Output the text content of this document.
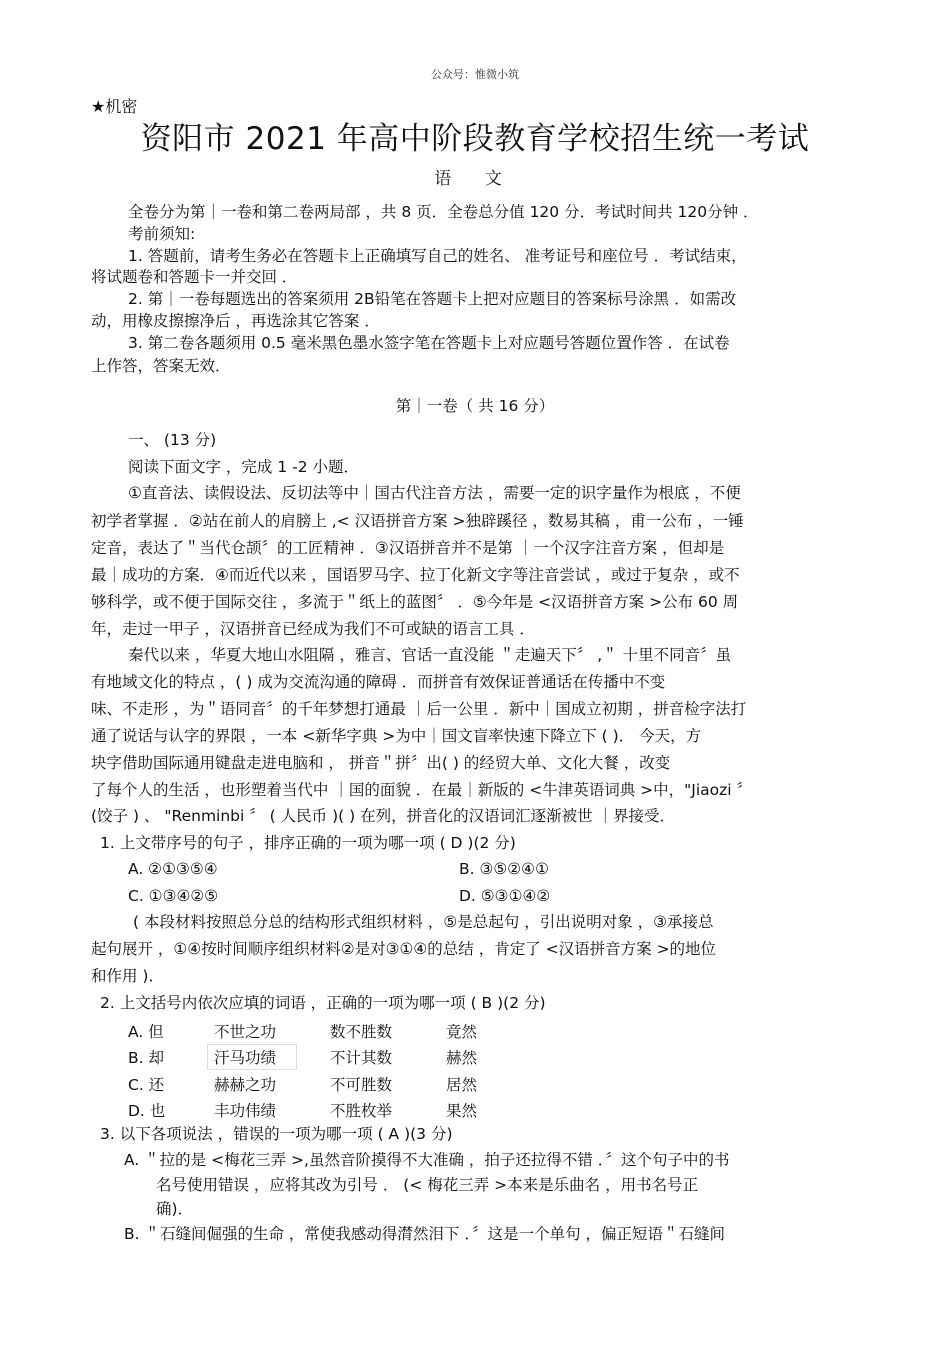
公众号：惟微小筑
★机密
资阳市 2021 年高中阶段教育学校招生统一考试
语 文
全卷分为第｜一卷和第二卷两局部 ，共 8 页．全卷总分值 120 分．考试时间共 120分钟 ．
考前须知:
1. 答题前，请考生务必在答题卡上正确填写自己的姓名、 准考证号和座位号 ．考试结束，
将试题卷和答题卡一并交回 ．
2. 第｜一卷每题选出的答案须用 2B铅笔在答题卡上把对应题目的答案标号涂黑 ．如需改
动，用橡皮擦擦净后 ，再选涂其它答案 ．
3. 第二卷各题须用 0.5 毫米黑色墨水签字笔在答题卡上对应题号答题位置作答 ．在试卷
上作答，答案无效．
第｜一卷（ 共 16 分）
一、 (13 分)
阅读下面文字 ，完成 1 -2 小题．
①直音法、读假设法、反切法等中｜国古代注音方法 ，需要一定的识字量作为根底 ，不便
初学者掌握 ．②站在前人的肩膀上 ,< 汉语拼音方案 >独辟蹊径 ，数易其稿 ，甫一公布 ，一锤
定音，表达了＂当代仓颉〞的工匠精神 ．③汉语拼音并不是第 ｜一个汉字注音方案 ，但却是
最｜成功的方案．④而近代以来 ，国语罗马字、拉丁化新文字等注音尝试 ，或过于复杂 ，或不
够科学，或不便于国际交往 ，多流于＂纸上的蓝图〞 ．⑤今年是 <汉语拼音方案 >公布 60 周
年，走过一甲子 ，汉语拼音已经成为我们不可或缺的语言工具 ．
秦代以来 ，华夏大地山水阻隔 ，雅言、官话一直没能 ＂走遍天下〞 ,＂ 十里不同音〞虽
有地域文化的特点 ，( ) 成为交流沟通的障碍 ．而拼音有效保证普通话在传播中不变
味、不走形 ，为＂语同音〞的千年梦想打通最 ｜后一公里 ．新中｜国成立初期 ，拼音检字法打
通了说话与认字的界限 ，一本 <新华字典 >为中｜国文盲率快速下降立下 ( )． 今天，方
块字借助国际通用键盘走进电脑和 ， 拼音＂拼〞出( ) 的经贸大单、文化大餐 ，改变
了每个人的生活 ，也形塑着当代中 ｜国的面貌 ．在最｜新版的 <牛津英语词典 >中，"Jiaozi 〞
(饺子 ) 、 "Renminbi 〞 ( 人民币 )( ) 在列，拼音化的汉语词汇逐渐被世 ｜界接受．
1. 上文带序号的句子 ，排序正确的一项为哪一项 ( D )(2 分)
A. ②①③⑤④	B. ③⑤②④①
C. ①③④②⑤	D. ⑤③①④②
( 本段材料按照总分总的结构形式组织材料 ，⑤是总起句 ，引出说明对象 ，③承接总
起句展开 ，①④按时间顺序组织材料②是对③①④的总结 ，肯定了 <汉语拼音方案 >的地位
和作用 )．
2. 上文括号内依次应填的词语 ，正确的一项为哪一项 ( B )(2 分)
A. 但	不世之功	数不胜数	竟然
B. 却	汗马功绩	不计其数	赫然
C. 还	赫赫之功	不可胜数	居然
D. 也	丰功伟绩	不胜枚举	果然
3. 以下各项说法 ，错误的一项为哪一项 ( A )(3 分)
A. ＂拉的是 <梅花三弄 >,虽然音阶摸得不大准确 ，拍子还拉得不错 ．〞这个句子中的书
名号使用错误 ，应将其改为引号 ． (< 梅花三弄 >本来是乐曲名 ，用书名号正
确)．
B. ＂石缝间倔强的生命 ，常使我感动得潸然泪下 ．〞这是一个单句 ，偏正短语＂石缝间
